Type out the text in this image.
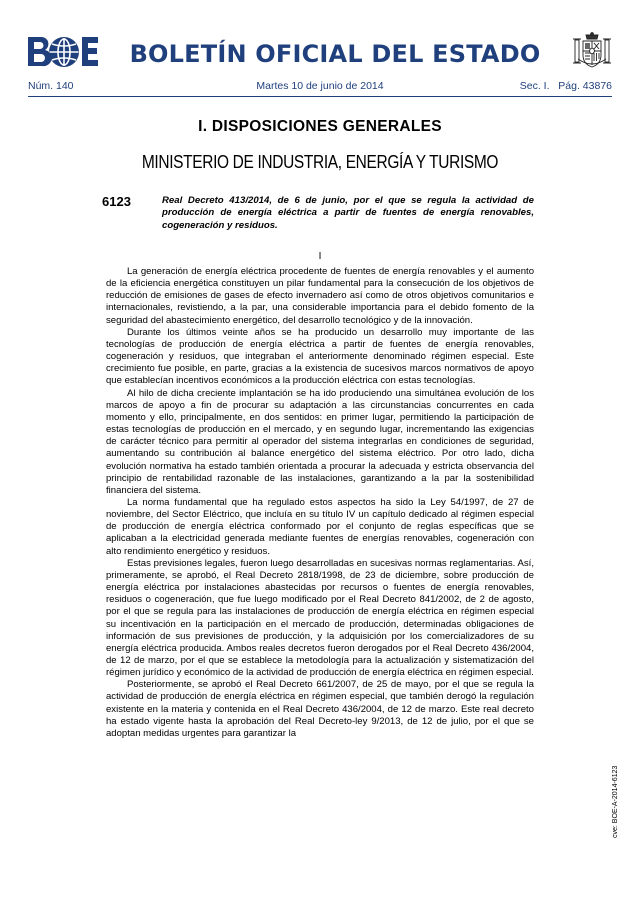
BOLETÍN OFICIAL DEL ESTADO
Núm. 140	Martes 10 de junio de 2014	Sec. I. Pág. 43876
I. DISPOSICIONES GENERALES
MINISTERIO DE INDUSTRIA, ENERGÍA Y TURISMO
6123	Real Decreto 413/2014, de 6 de junio, por el que se regula la actividad de producción de energía eléctrica a partir de fuentes de energía renovables, cogeneración y residuos.
I

La generación de energía eléctrica procedente de fuentes de energía renovables y el aumento de la eficiencia energética constituyen un pilar fundamental para la consecución de los objetivos de reducción de emisiones de gases de efecto invernadero así como de otros objetivos comunitarios e internacionales, revistiendo, a la par, una considerable importancia para el debido fomento de la seguridad del abastecimiento energético, del desarrollo tecnológico y de la innovación.

Durante los últimos veinte años se ha producido un desarrollo muy importante de las tecnologías de producción de energía eléctrica a partir de fuentes de energía renovables, cogeneración y residuos, que integraban el anteriormente denominado régimen especial. Este crecimiento fue posible, en parte, gracias a la existencia de sucesivos marcos normativos de apoyo que establecían incentivos económicos a la producción eléctrica con estas tecnologías.

Al hilo de dicha creciente implantación se ha ido produciendo una simultánea evolución de los marcos de apoyo a fin de procurar su adaptación a las circunstancias concurrentes en cada momento y ello, principalmente, en dos sentidos: en primer lugar, permitiendo la participación de estas tecnologías de producción en el mercado, y en segundo lugar, incrementando las exigencias de carácter técnico para permitir al operador del sistema integrarlas en condiciones de seguridad, aumentando su contribución al balance energético del sistema eléctrico. Por otro lado, dicha evolución normativa ha estado también orientada a procurar la adecuada y estricta observancia del principio de rentabilidad razonable de las instalaciones, garantizando a la par la sostenibilidad financiera del sistema.

La norma fundamental que ha regulado estos aspectos ha sido la Ley 54/1997, de 27 de noviembre, del Sector Eléctrico, que incluía en su título IV un capítulo dedicado al régimen especial de producción de energía eléctrica conformado por el conjunto de reglas específicas que se aplicaban a la electricidad generada mediante fuentes de energías renovables, cogeneración con alto rendimiento energético y residuos.

Estas previsiones legales, fueron luego desarrolladas en sucesivas normas reglamentarias. Así, primeramente, se aprobó, el Real Decreto 2818/1998, de 23 de diciembre, sobre producción de energía eléctrica por instalaciones abastecidas por recursos o fuentes de energía renovables, residuos o cogeneración, que fue luego modificado por el Real Decreto 841/2002, de 2 de agosto, por el que se regula para las instalaciones de producción de energía eléctrica en régimen especial su incentivación en la participación en el mercado de producción, determinadas obligaciones de información de sus previsiones de producción, y la adquisición por los comercializadores de su energía eléctrica producida. Ambos reales decretos fueron derogados por el Real Decreto 436/2004, de 12 de marzo, por el que se establece la metodología para la actualización y sistematización del régimen jurídico y económico de la actividad de producción de energía eléctrica en régimen especial.

Posteriormente, se aprobó el Real Decreto 661/2007, de 25 de mayo, por el que se regula la actividad de producción de energía eléctrica en régimen especial, que también derogó la regulación existente en la materia y contenida en el Real Decreto 436/2004, de 12 de marzo. Este real decreto ha estado vigente hasta la aprobación del Real Decreto-ley 9/2013, de 12 de julio, por el que se adoptan medidas urgentes para garantizar la

cve: BOE-A-2014-6123
